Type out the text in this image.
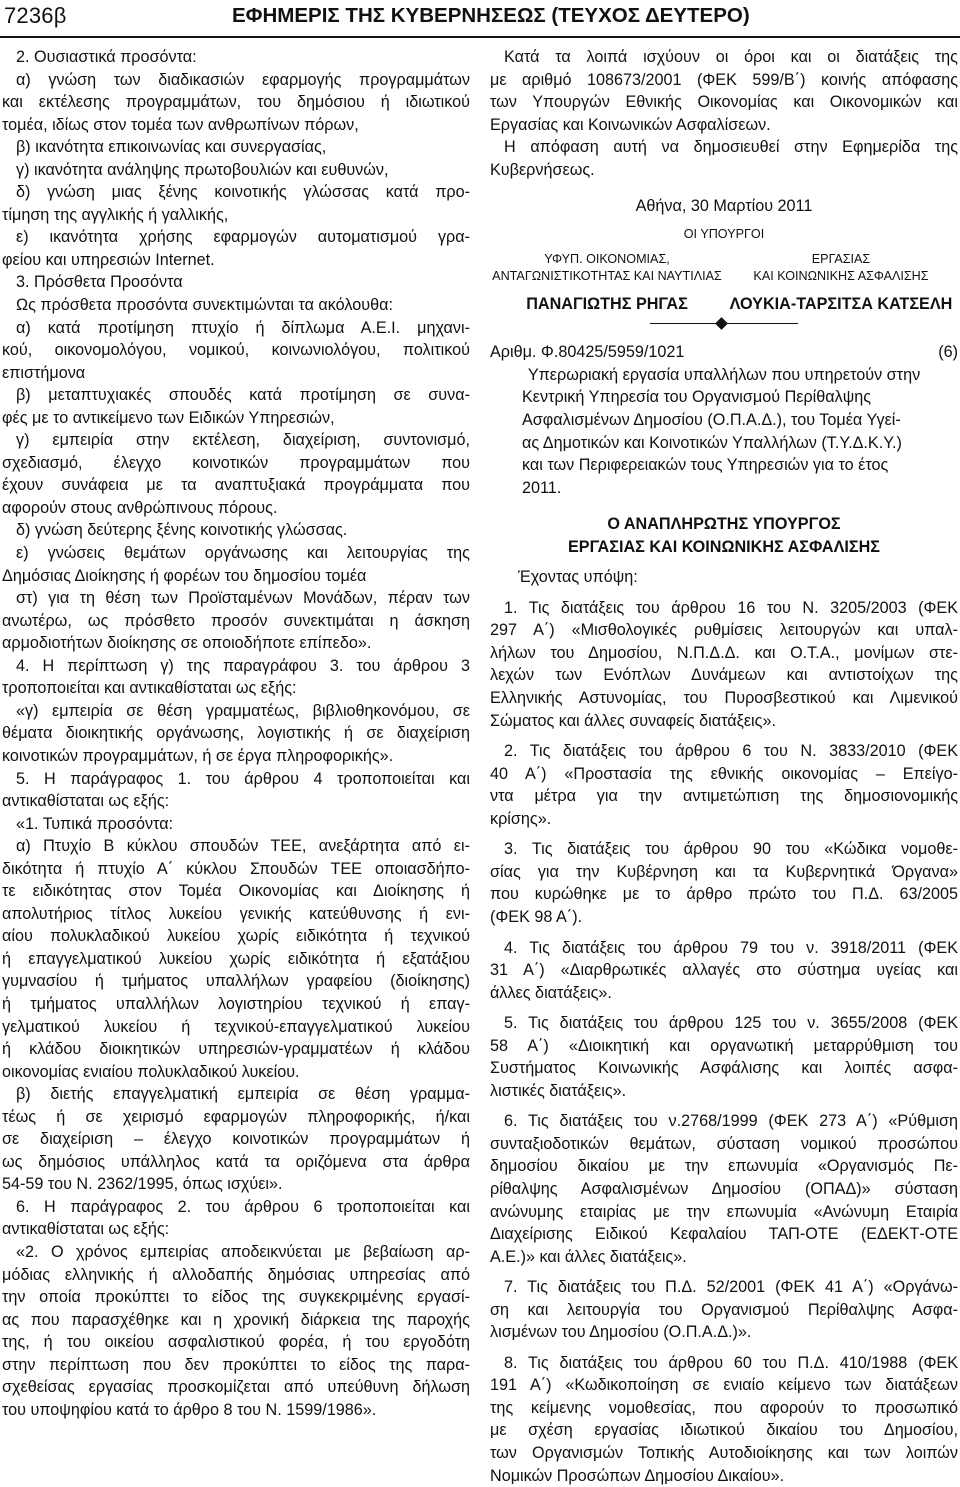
7236β	ΕΦΗΜΕΡΙΣ ΤΗΣ ΚΥΒΕΡΝΗΣΕΩΣ (ΤΕΥΧΟΣ ΔΕΥΤΕΡΟ)

2. Ουσιαστικά προσόντα:

α) γνώση των διαδικασιών εφαρμογής προγραμμάτων

και εκτέλεσης προγραμμάτων, του δημόσιου ή ιδιωτικού

τομέα, ιδίως στον τομέα των ανθρωπίνων πόρων,

β) ικανότητα επικοινωνίας και συνεργασίας,

γ) ικανότητα ανάληψης πρωτοβουλιών και ευθυνών,

δ) γνώση μιας ξένης κοινοτικής γλώσσας κατά προ-

τίμηση της αγγλικής ή γαλλικής,

ε) ικανότητα χρήσης εφαρμογών αυτοματισμού γρα-

φείου και υπηρεσιών Internet.

3. Πρόσθετα Προσόντα

Ως πρόσθετα προσόντα συνεκτιμώνται τα ακόλουθα:

α) κατά προτίμηση πτυχίο ή δίπλωμα Α.Ε.Ι. μηχανι-

κού, οικονομολόγου, νομικού, κοινωνιολόγου, πολιτικού

επιστήμονα

β) μεταπτυχιακές σπουδές κατά προτίμηση σε συνα-

φές με το αντικείμενο των Ειδικών Υπηρεσιών,

γ) εμπειρία στην εκτέλεση, διαχείριση, συντονισμό,

σχεδιασμό, έλεγχο κοινοτικών προγραμμάτων που

έχουν συνάφεια με τα αναπτυξιακά προγράμματα που

αφορούν στους ανθρώπινους πόρους.

δ) γνώση δεύτερης ξένης κοινοτικής γλώσσας.

ε) γνώσεις θεμάτων οργάνωσης και λειτουργίας της

Δημόσιας Διοίκησης ή φορέων του δημοσίου τομέα

στ) για τη θέση των Προϊσταμένων Μονάδων, πέραν των

ανωτέρω, ως πρόσθετο προσόν συνεκτιμάται η άσκηση

αρμοδιοτήτων διοίκησης σε οποιοδήποτε επίπεδο».

4. Η περίπτωση γ) της παραγράφου 3. του άρθρου 3

τροποποιείται και αντικαθίσταται ως εξής:

«γ) εμπειρία σε θέση γραμματέως, βιβλιοθηκονόμου, σε

θέματα διοικητικής οργάνωσης, λογιστικής ή σε διαχείριση

κοινοτικών προγραμμάτων, ή σε έργα πληροφορικής».

5. Η παράγραφος 1. του άρθρου 4 τροποποιείται και

αντικαθίσταται ως εξής:

«1. Τυπικά προσόντα:

α) Πτυχίο Β κύκλου σπουδών ΤΕΕ, ανεξάρτητα από ει-

δικότητα ή πτυχίο Α΄ κύκλου Σπουδών ΤΕΕ οποιασδήπο-

τε ειδικότητας στον Τομέα Οικονομίας και Διοίκησης ή

απολυτήριος τίτλος λυκείου γενικής κατεύθυνσης ή ενι-

αίου πολυκλαδικού λυκείου χωρίς ειδικότητα ή τεχνικού

ή επαγγελματικού λυκείου χωρίς ειδικότητα ή εξατάξιου

γυμνασίου ή τμήματος υπαλλήλων γραφείου (διοίκησης)

ή τμήματος υπαλλήλων λογιστηρίου τεχνικού ή επαγ-

γελματικού λυκείου ή τεχνικού-επαγγελματικού λυκείου

ή κλάδου διοικητικών υπηρεσιών-γραμματέων ή κλάδου

οικονομίας ενιαίου πολυκλαδικού λυκείου.

β) διετής επαγγελματική εμπειρία σε θέση γραμμα-

τέως ή σε χειρισμό εφαρμογών πληροφορικής, ή/και

σε διαχείριση – έλεγχο κοινοτικών προγραμμάτων ή

ως δημόσιος υπάλληλος κατά τα οριζόμενα στα άρθρα

54-59 του Ν. 2362/1995, όπως ισχύει».

6. Η παράγραφος 2. του άρθρου 6 τροποποιείται και

αντικαθίσταται ως εξής:

«2. Ο χρόνος εμπειρίας αποδεικνύεται με βεβαίωση αρ-

μόδιας ελληνικής ή αλλοδαπής δημόσιας υπηρεσίας από

την οποία προκύπτει το είδος της συγκεκριμένης εργασί-

ας που παρασχέθηκε και η χρονική διάρκεια της παροχής

της, ή του οικείου ασφαλιστικού φορέα, ή του εργοδότη

στην περίπτωση που δεν προκύπτει το είδος της παρα-

σχεθείσας εργασίας προσκομίζεται από υπεύθυνη δήλωση

του υποψηφίου κατά το άρθρο 8 του Ν. 1599/1986».

Κατά τα λοιπά ισχύουν οι όροι και οι διατάξεις της

με αριθμό 108673/2001 (ΦΕΚ 599/Β΄) κοινής απόφασης

των Υπουργών Εθνικής Οικονομίας και Οικονομικών και

Εργασίας και Κοινωνικών Ασφαλίσεων.

Η απόφαση αυτή να δημοσιευθεί στην Εφημερίδα της

Κυβερνήσεως.

Αθήνα, 30 Μαρτίου 2011

ΟΙ ΥΠΟΥΡΓΟΙ

ΥΦΥΠ. ΟΙΚΟΝΟΜΙΑΣ,	ΕΡΓΑΣΙΑΣ
ΑΝΤΑΓΩΝΙΣΤΙΚΟΤΗΤΑΣ ΚΑΙ ΝΑΥΤΙΛΙΑΣ	ΚΑΙ ΚΟΙΝΩΝΙΚΗΣ ΑΣΦΑΛΙΣΗΣ
ΠΑΝΑΓΙΩΤΗΣ ΡΗΓΑΣ	ΛΟΥΚΙΑ-ΤΑΡΣΙΤΣΑ ΚΑΤΣΕΛΗ
Αριθμ. Φ.80425/5959/1021	(6)

Υπερωριακή εργασία υπαλλήλων που υπηρετούν στην

Κεντρική Υπηρεσία του Οργανισμού Περίθαλψης

Ασφαλισμένων Δημοσίου (Ο.Π.Α.Δ.), του Τομέα Υγεί-

ας Δημοτικών και Κοινοτικών Υπαλλήλων (Τ.Υ.Δ.Κ.Υ.)

και των Περιφερειακών τους Υπηρεσιών για το έτος

2011.

Ο ΑΝΑΠΛΗΡΩΤΗΣ ΥΠΟΥΡΓΟΣ

ΕΡΓΑΣΙΑΣ ΚΑΙ ΚΟΙΝΩΝΙΚΗΣ ΑΣΦΑΛΙΣΗΣ

Έχοντας υπόψη:

1. Τις διατάξεις του άρθρου 16 του Ν. 3205/2003 (ΦΕΚ

297 Α΄) «Μισθολογικές ρυθμίσεις λειτουργών και υπαλ-

λήλων του Δημοσίου, Ν.Π.Δ.Δ. και Ο.Τ.Α., μονίμων στε-

λεχών των Ενόπλων Δυνάμεων και αντιστοίχων της

Ελληνικής Αστυνομίας, του Πυροσβεστικού και Λιμενικού

Σώματος και άλλες συναφείς διατάξεις».

2. Τις διατάξεις του άρθρου 6 του Ν. 3833/2010 (ΦΕΚ

40 Α΄) «Προστασία της εθνικής οικονομίας – Επείγο-

ντα μέτρα για την αντιμετώπιση της δημοσιονομικής

κρίσης».

3. Τις διατάξεις του άρθρου 90 του «Κώδικα νομοθε-

σίας για την Κυβέρνηση και τα Κυβερνητικά Όργανα»

που κυρώθηκε με το άρθρο πρώτο του Π.Δ. 63/2005

(ΦΕΚ 98 Α΄).

4. Τις διατάξεις του άρθρου 79 του ν. 3918/2011 (ΦΕΚ

31 Α΄) «Διαρθρωτικές αλλαγές στο σύστημα υγείας και

άλλες διατάξεις».

5. Τις διατάξεις του άρθρου 125 του ν. 3655/2008 (ΦΕΚ

58 Α΄) «Διοικητική και οργανωτική μεταρρύθμιση του

Συστήματος Κοινωνικής Ασφάλισης και λοιπές ασφα-

λιστικές διατάξεις».

6. Τις διατάξεις του ν.2768/1999 (ΦΕΚ 273 Α΄) «Ρύθμιση

συνταξιοδοτικών θεμάτων, σύσταση νομικού προσώπου

δημοσίου δικαίου με την επωνυμία «Οργανισμός Πε-

ρίθαλψης Ασφαλισμένων Δημοσίου (ΟΠΑΔ)» σύσταση

ανώνυμης εταιρίας με την επωνυμία «Ανώνυμη Εταιρία

Διαχείρισης Ειδικού Κεφαλαίου ΤΑΠ-ΟΤΕ (ΕΔΕΚΤ-ΟΤΕ

Α.Ε.)» και άλλες διατάξεις».

7. Τις διατάξεις του Π.Δ. 52/2001 (ΦΕΚ 41 Α΄) «Οργάνω-

ση και λειτουργία του Οργανισμού Περίθαλψης Ασφα-

λισμένων του Δημοσίου (Ο.Π.Α.Δ.)».

8. Τις διατάξεις του άρθρου 60 του Π.Δ. 410/1988 (ΦΕΚ

191 Α΄) «Κωδικοποίηση σε ενιαίο κείμενο των διατάξεων

της κείμενης νομοθεσίας, που αφορούν το προσωπικό

με σχέση εργασίας ιδιωτικού δικαίου του Δημοσίου,

των Οργανισμών Τοπικής Αυτοδιοίκησης και των λοιπών

Νομικών Προσώπων Δημοσίου Δικαίου».
